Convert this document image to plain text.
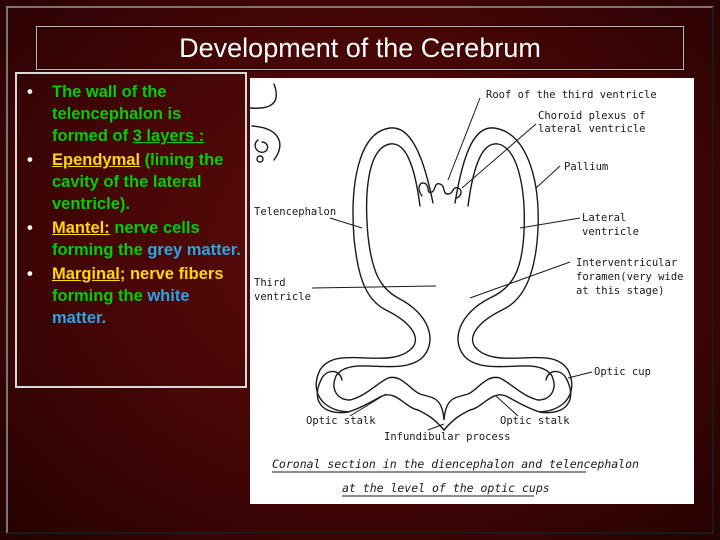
Development of the Cerebrum
• The wall of the telencephalon is formed of 3 layers :
• Ependymal (lining the cavity of the lateral ventricle).
• Mantel: nerve cells forming the grey matter.
• Marginal; nerve fibers forming the white matter.
Roof of the third ventricle
Choroid plexus of
lateral ventricle
Pallium
Telencephalon	Lateral
ventricle
Third
ventricle
Interventricular
foramen(very wide
at this stage)
Optic cup
Optic stalk	Optic stalk
Infundibular process
Coronal section in the diencephalon and telencephalon
at the level of the optic cups
